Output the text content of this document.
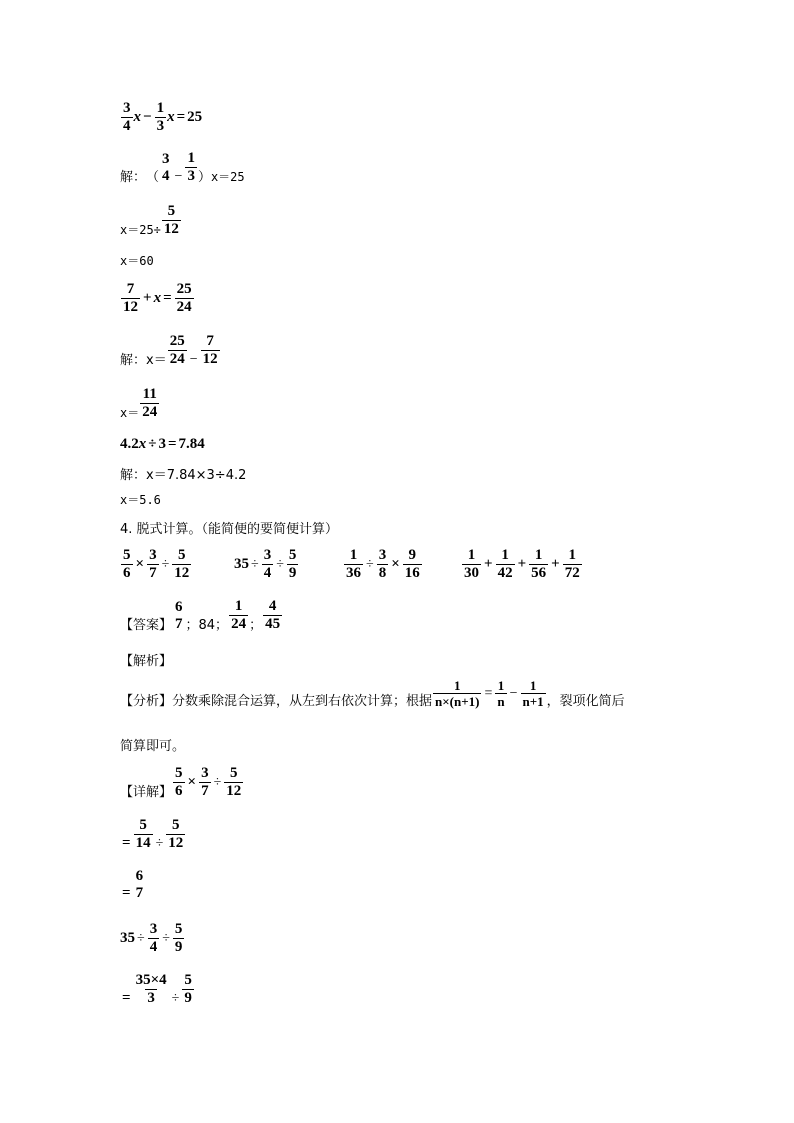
$\frac{3}{4}$ $x - \frac{1}{3}$ x = 25
解： （
3
$4 - \frac{1}{3}$ ） x＝25
$x=25\div \frac{5}{12}$
x＝60
$\frac{7}{12} + x = \frac{25}{24}$
解：$x= \frac{25}{24} - \frac{7}{12}$
$x= \frac{11}{24}$
4.2 x ÷ 3 = 7.84
解：x＝7.84×3÷4.2
x＝5.6
4. 脱式计算。（能简便的要简便计算）
$\frac{5}{6} \times \frac{3}{7} \div \frac{5}{12}$	$35 \div \frac{3}{4} \div \frac{5}{9}$	$\frac{1}{36} \div \frac{3}{8} \times \frac{9}{16}$	$\frac{1}{30} + \frac{1}{42} + \frac{1}{56} + \frac{1}{72}$
【答案】
6
7 ；84； $\frac{1}{24}$ ； $\frac{4}{45}$
【解析】
【分析】 分数乘除混合运算，从左到右依次计算；根据 $\frac{1}{n\times(n+1)} = \frac{1}{n} - \frac{1}{n+1}$ ，裂项化简后
简算即可。
【详解】 $\frac{5}{6} \times \frac{3}{7} \div \frac{5}{12}$
= $\frac{5}{14} \div \frac{5}{12}$
=
6
7
$35 \div \frac{3}{4} \div \frac{5}{9}$
= $\frac{35\times 4}{3} \div \frac{5}{9}$
